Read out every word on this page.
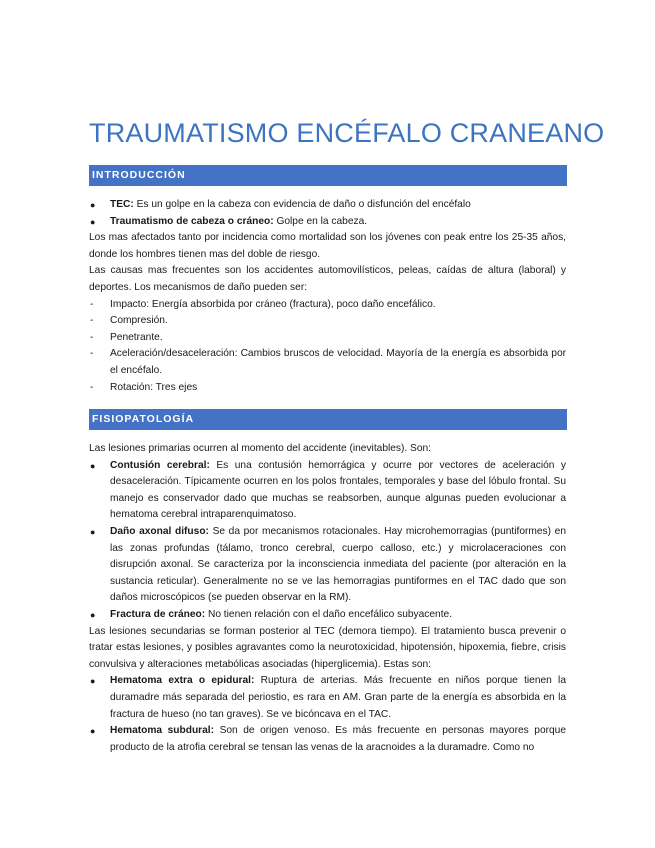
TRAUMATISMO ENCÉFALO CRANEANO
INTRODUCCIÓN
● TEC: Es un golpe en la cabeza con evidencia de daño o disfunción del encéfalo
● Traumatismo de cabeza o cráneo: Golpe en la cabeza.

Los mas afectados tanto por incidencia como mortalidad son los jóvenes con peak entre los 25-35 años, donde los hombres tienen mas del doble de riesgo.

Las causas mas frecuentes son los accidentes automovilísticos, peleas, caídas de altura (laboral) y deportes. Los mecanismos de daño pueden ser:

- Impacto: Energía absorbida por cráneo (fractura), poco daño encefálico.
- Compresión.
- Penetrante.
- Aceleración/desaceleración: Cambios bruscos de velocidad. Mayoría de la energía es absorbida por el encéfalo.
- Rotación: Tres ejes
FISIOPATOLOGÍA

Las lesiones primarias ocurren al momento del accidente (inevitables). Son:

● Contusión cerebral: Es una contusión hemorrágica y ocurre por vectores de aceleración y desaceleración. Típicamente ocurren en los polos frontales, temporales y base del lóbulo frontal. Su manejo es conservador dado que muchas se reabsorben, aunque algunas pueden evolucionar a hematoma cerebral intraparenquimatoso.
● Daño axonal difuso: Se da por mecanismos rotacionales. Hay microhemorragias (puntiformes) en las zonas profundas (tálamo, tronco cerebral, cuerpo calloso, etc.) y microlaceraciones con disrupción axonal. Se caracteriza por la inconsciencia inmediata del paciente (por alteración en la sustancia reticular). Generalmente no se ve las hemorragias puntiformes en el TAC dado que son daños microscópicos (se pueden observar en la RM).
● Fractura de cráneo: No tienen relación con el daño encefálico subyacente.

Las lesiones secundarias se forman posterior al TEC (demora tiempo). El tratamiento busca prevenir o tratar estas lesiones, y posibles agravantes como la neurotoxicidad, hipotensión, hipoxemia, fiebre, crisis convulsiva y alteraciones metabólicas asociadas (hiperglicemia). Estas son:

● Hematoma extra o epidural: Ruptura de arterias. Más frecuente en niños porque tienen la duramadre más separada del periostio, es rara en AM. Gran parte de la energía es absorbida en la fractura de hueso (no tan graves). Se ve bicóncava en el TAC.
● Hematoma subdural: Son de origen venoso. Es más frecuente en personas mayores porque producto de la atrofia cerebral se tensan las venas de la aracnoides a la duramadre. Como no
